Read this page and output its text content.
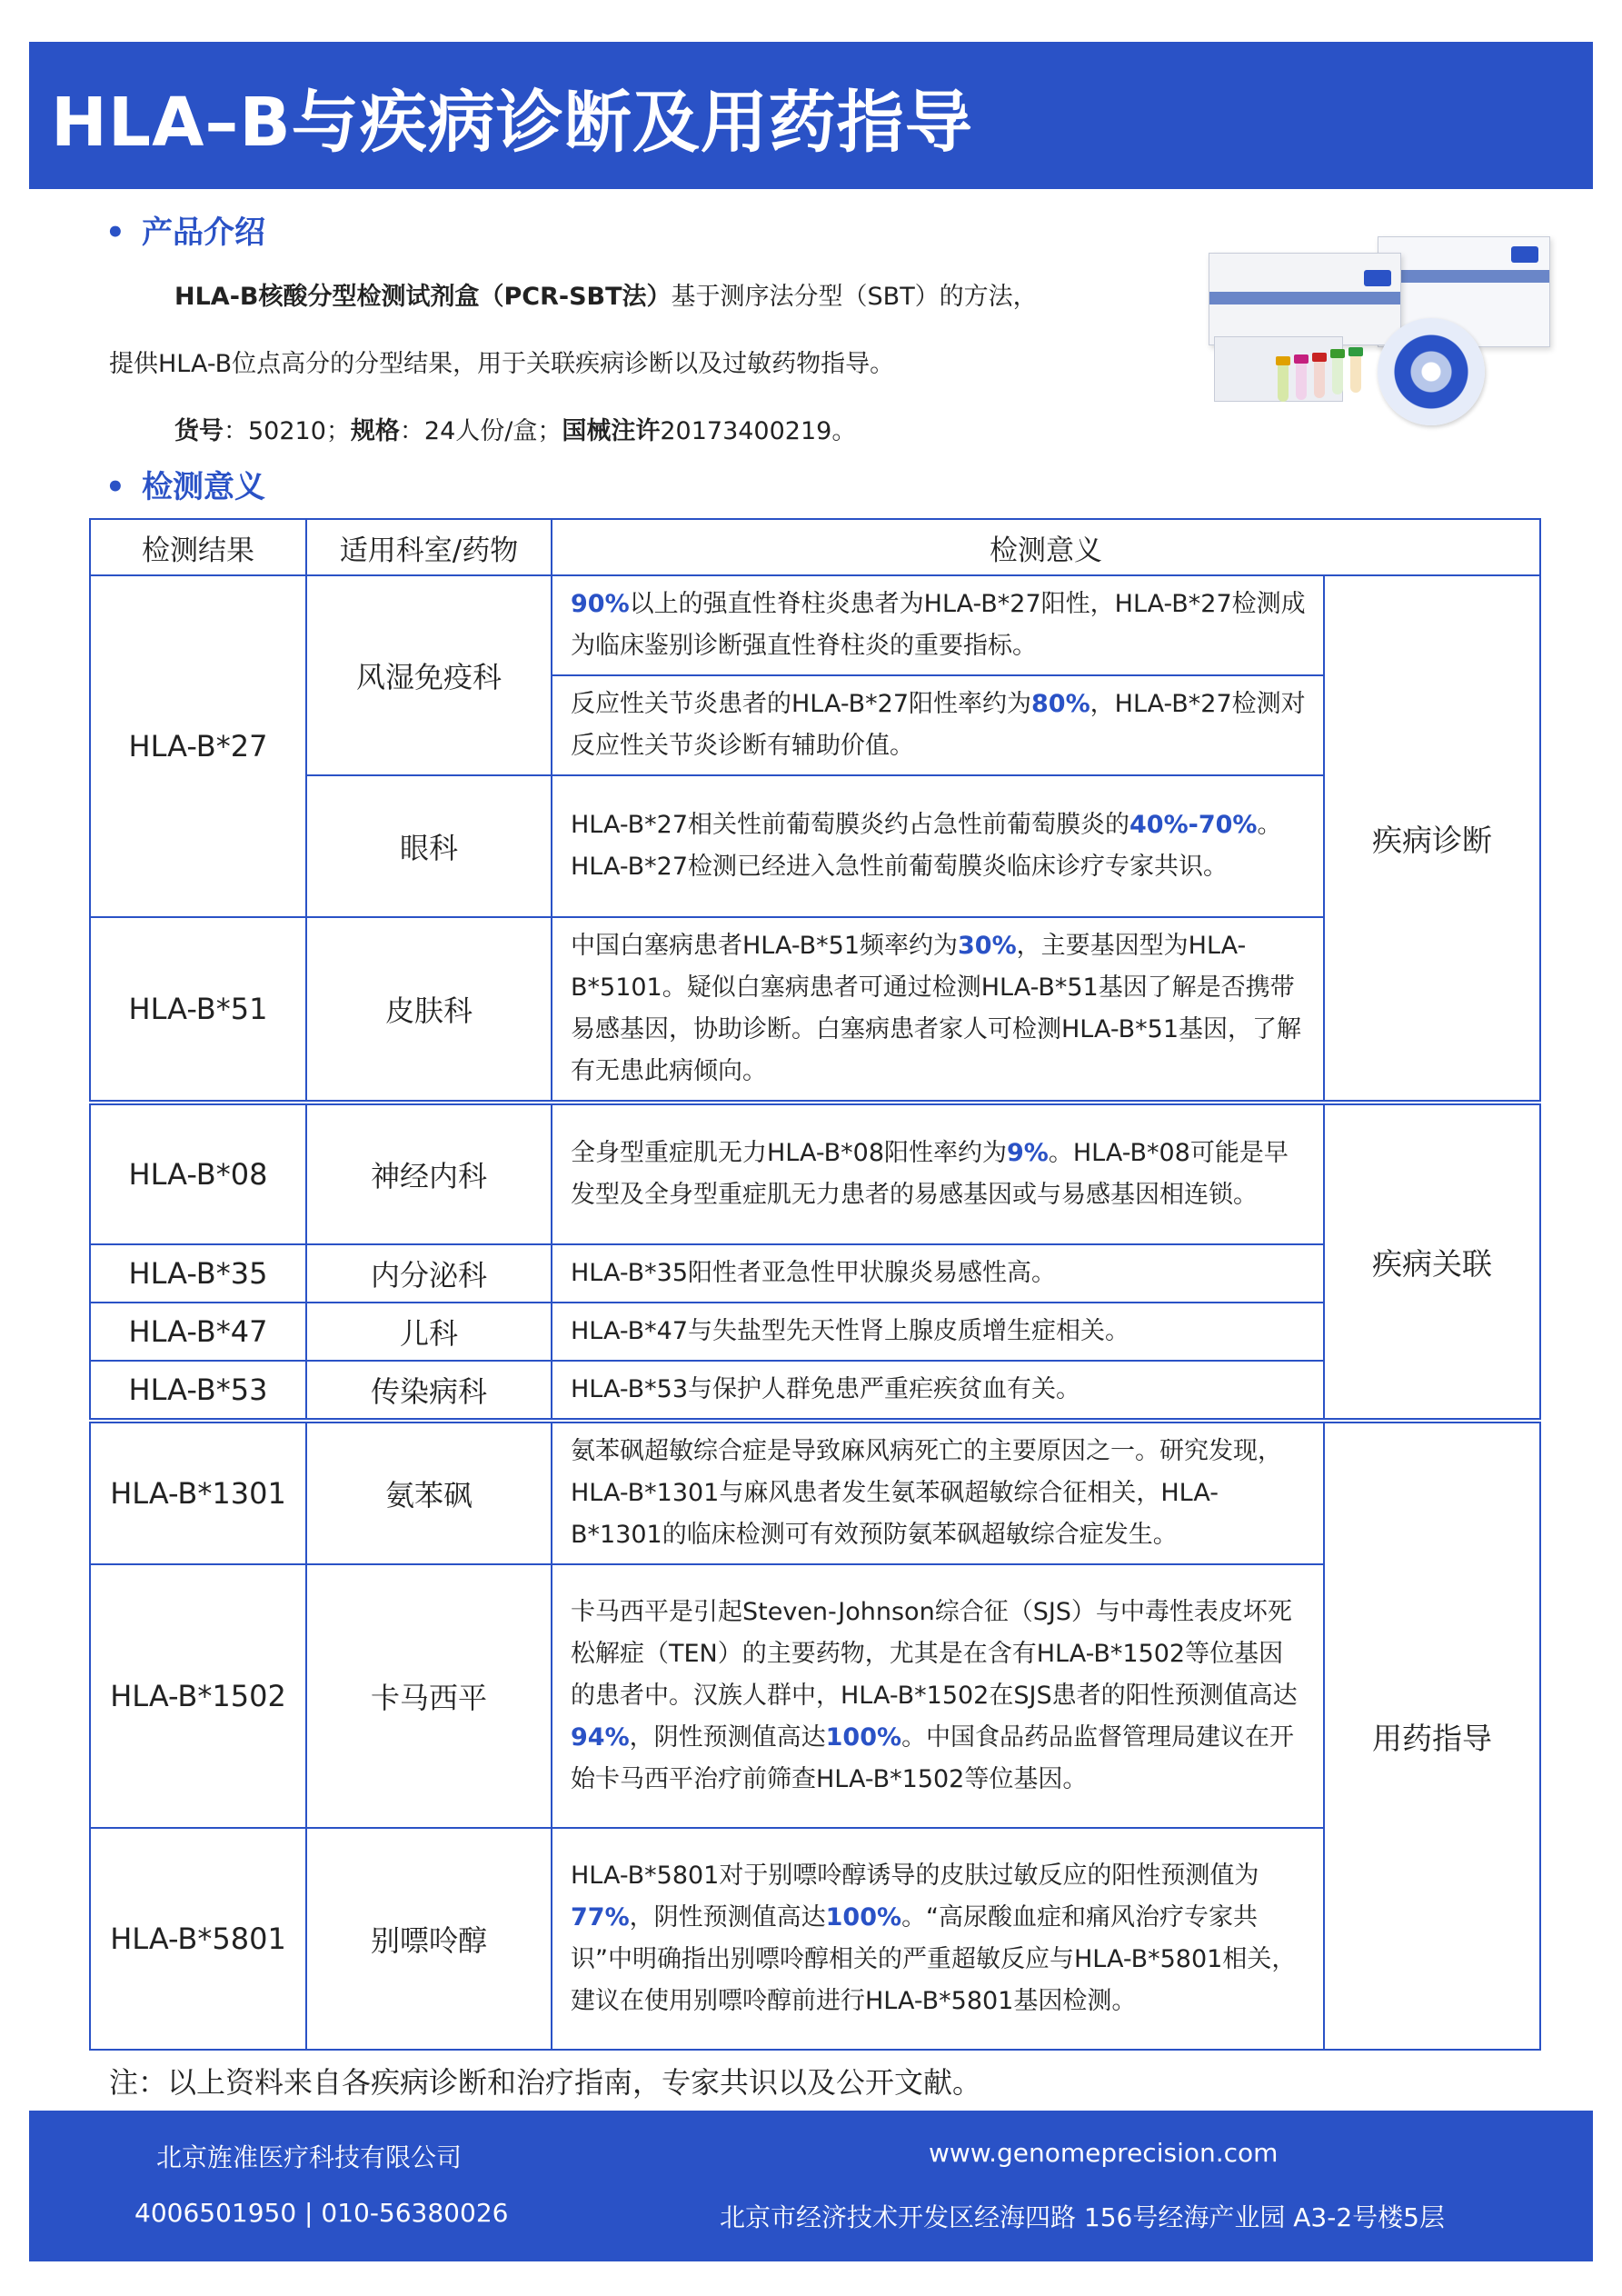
HLA–B与疾病诊断及用药指导
• 产品介绍
HLA-B核酸分型检测试剂盒（PCR-SBT法）基于测序法分型（SBT）的方法，
提供HLA-B位点高分的分型结果，用于关联疾病诊断以及过敏药物指导。
货号：50210；规格：24人份/盒；国械注许20173400219。
• 检测意义
检测结果	适用科室/药物	检测意义	
HLA-B*27	风湿免疫科	90%以上的强直性脊柱炎患者为HLA-B*27阳性，HLA-B*27检测成为临床鉴别诊断强直性脊柱炎的重要指标。	疾病诊断
		反应性关节炎患者的HLA-B*27阳性率约为80%，HLA-B*27检测对反应性关节炎诊断有辅助价值。	
	眼科	HLA-B*27相关性前葡萄膜炎约占急性前葡萄膜炎的40%-70%。HLA-B*27检测已经进入急性前葡萄膜炎临床诊疗专家共识。	
HLA-B*51	皮肤科	中国白塞病患者HLA-B*51频率约为30%，主要基因型为HLA-B*5101。疑似白塞病患者可通过检测HLA-B*51基因了解是否携带易感基因，协助诊断。白塞病患者家人可检测HLA-B*51基因，了解有无患此病倾向。	
HLA-B*08	神经内科	全身型重症肌无力HLA-B*08阳性率约为9%。HLA-B*08可能是早发型及全身型重症肌无力患者的易感基因或与易感基因相连锁。	疾病关联
HLA-B*35	内分泌科	HLA-B*35阳性者亚急性甲状腺炎易感性高。	
HLA-B*47	儿科	HLA-B*47与失盐型先天性肾上腺皮质增生症相关。	
HLA-B*53	传染病科	HLA-B*53与保护人群免患严重疟疾贫血有关。	
HLA-B*1301	氨苯砜	氨苯砜超敏综合症是导致麻风病死亡的主要原因之一。研究发现，HLA-B*1301与麻风患者发生氨苯砜超敏综合征相关，HLA-B*1301的临床检测可有效预防氨苯砜超敏综合症发生。	用药指导
HLA-B*1502	卡马西平	卡马西平是引起Steven-Johnson综合征（SJS）与中毒性表皮坏死松解症（TEN）的主要药物，尤其是在含有HLA-B*1502等位基因的患者中。汉族人群中，HLA-B*1502在SJS患者的阳性预测值高达94%，阴性预测值高达100%。中国食品药品监督管理局建议在开始卡马西平治疗前筛查HLA-B*1502等位基因。	
HLA-B*5801	别嘌呤醇	HLA-B*5801对于别嘌呤醇诱导的皮肤过敏反应的阳性预测值为77%，阴性预测值高达100%。“高尿酸血症和痛风治疗专家共识”中明确指出别嘌呤醇相关的严重超敏反应与HLA-B*5801相关，建议在使用别嘌呤醇前进行HLA-B*5801基因检测。	
注：以上资料来自各疾病诊断和治疗指南，专家共识以及公开文献。
北京旌准医疗科技有限公司	www.genomeprecision.com
4006501950 | 010-56380026	北京市经济技术开发区经海四路 156号经海产业园 A3-2号楼5层
